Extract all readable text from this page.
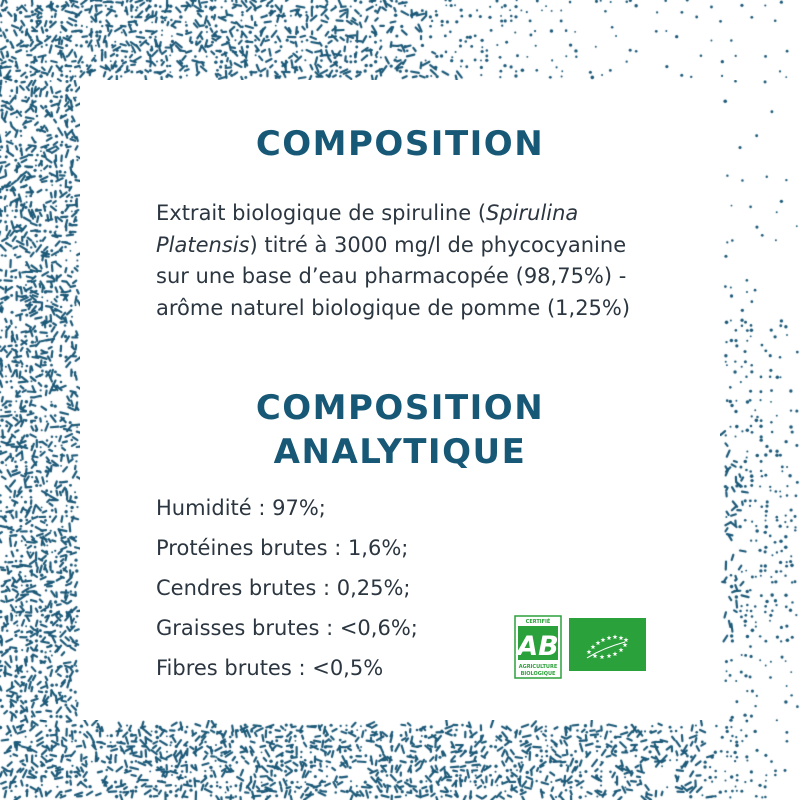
COMPOSITION
Extrait biologique de spiruline (Spirulina Platensis) titré à 3000 mg/l de phycocyanine sur une base d’eau pharmacopée (98,75%) - arôme naturel biologique de pomme (1,25%)
COMPOSITION
ANALYTIQUE
Humidité : 97%;
Protéines brutes : 1,6%;
Cendres brutes : 0,25%;
Graisses brutes : <0,6%;
Fibres brutes : <0,5%
CERTIFIÉ
AB
AGRICULTURE
BIOLOGIQUE
